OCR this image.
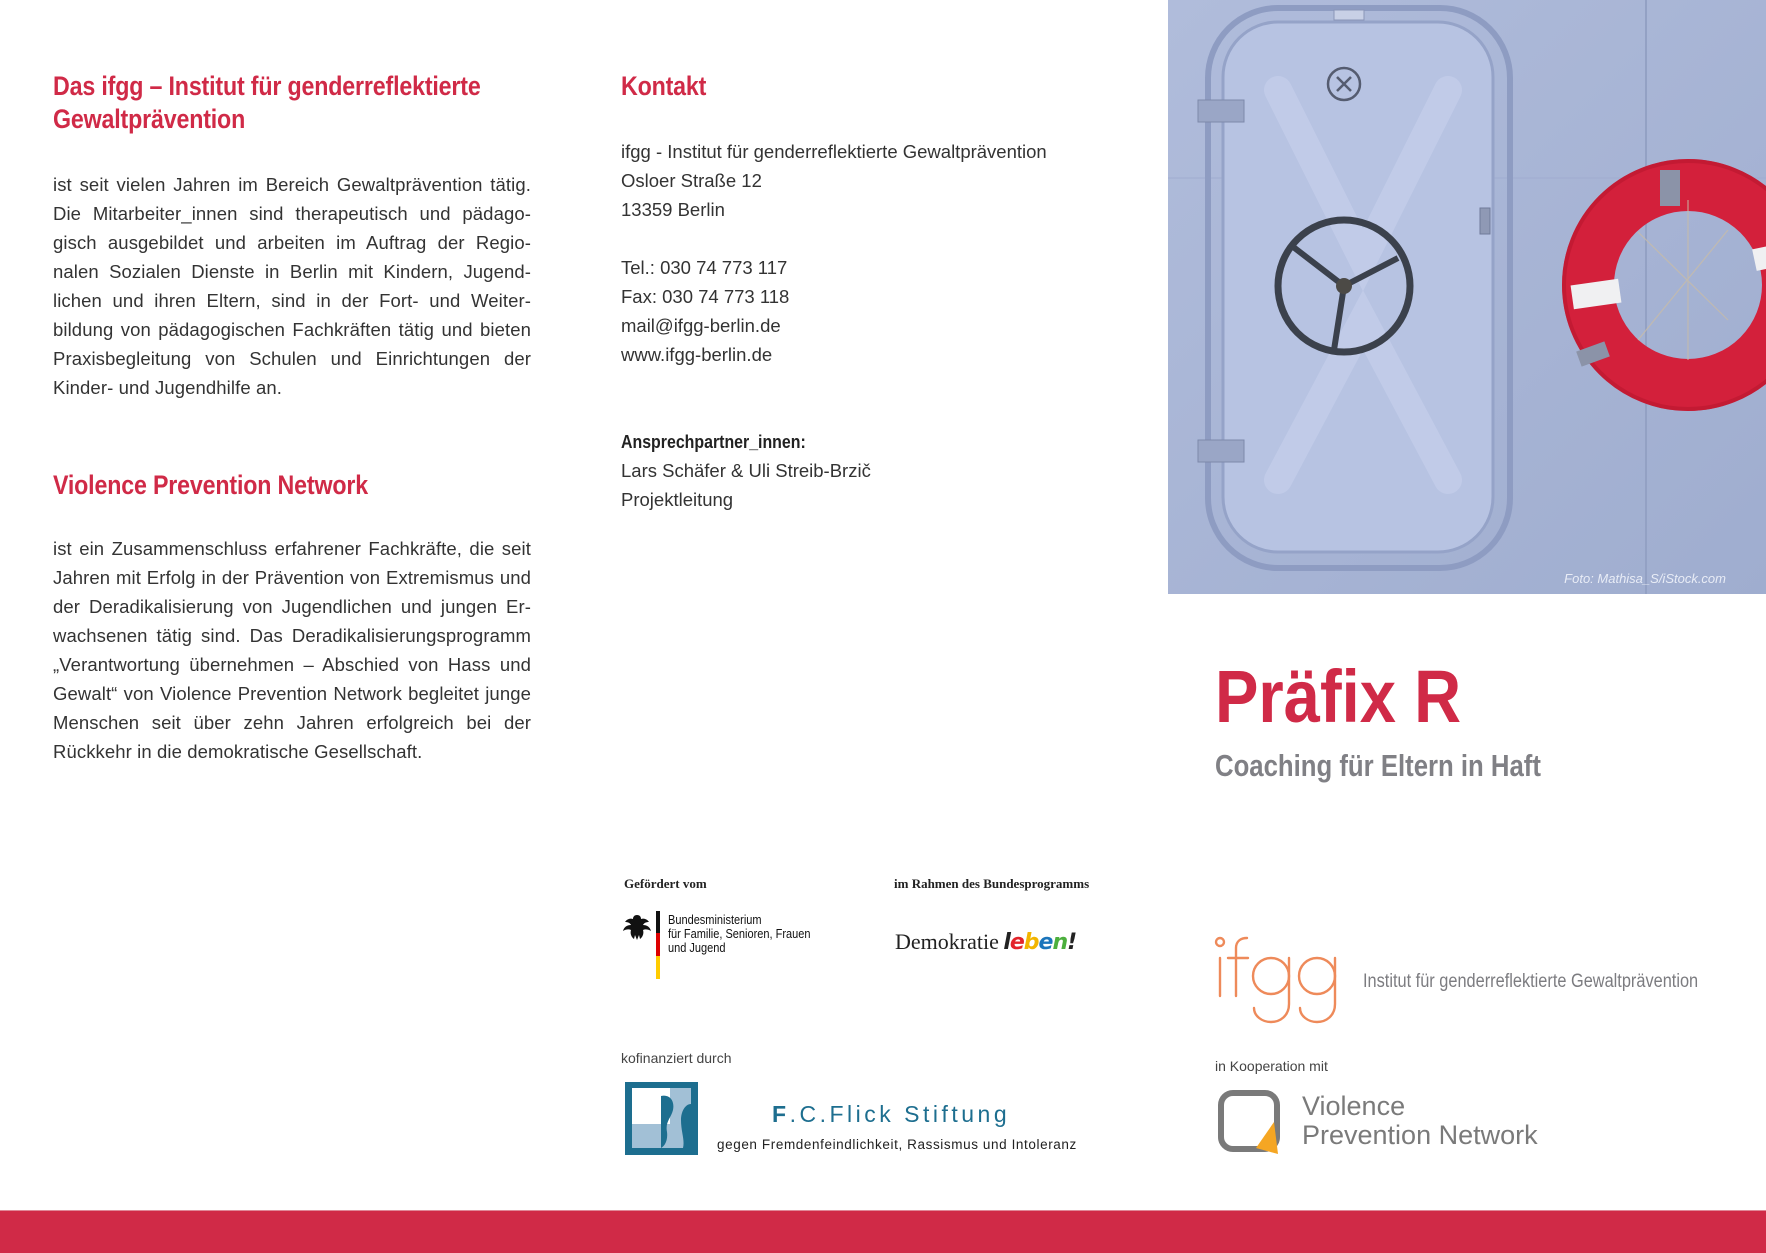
Das ifgg – Institut für genderreflektierte
Gewaltprävention
ist seit vielen Jahren im Bereich Gewaltprävention tätig.
Die Mitarbeiter_innen sind therapeutisch und pädago-
gisch ausgebildet und arbeiten im Auftrag der Regio-
nalen Sozialen Dienste in Berlin mit Kindern, Jugend-
lichen und ihren Eltern, sind in der Fort- und Weiter-
bildung von pädagogischen Fachkräften tätig und bieten
Praxisbegleitung von Schulen und Einrichtungen der
Kinder- und Jugendhilfe an.
Violence Prevention Network
ist ein Zusammenschluss erfahrener Fachkräfte, die seit
Jahren mit Erfolg in der Prävention von Extremismus und
der Deradikalisierung von Jugendlichen und jungen Er-
wachsenen tätig sind. Das Deradikalisierungsprogramm
„Verantwortung übernehmen – Abschied von Hass und
Gewalt“ von Violence Prevention Network begleitet junge
Menschen seit über zehn Jahren erfolgreich bei der
Rückkehr in die demokratische Gesellschaft.
Kontakt
ifgg - Institut für genderreflektierte Gewaltprävention
Osloer Straße 12
13359 Berlin
Tel.: 030 74 773 117
Fax: 030 74 773 118
mail@ifgg-berlin.de
www.ifgg-berlin.de
Ansprechpartner_innen:
Lars Schäfer & Uli Streib-Brzič
Projektleitung
Gefördert vom
Bundesministerium
für Familie, Senioren, Frauen
und Jugend
im Rahmen des Bundesprogramms
Demokratie leben!
kofinanziert durch
F.C.Flick Stiftung
gegen Fremdenfeindlichkeit, Rassismus und Intoleranz
Foto: Mathisa_S/iStock.com
Präfix R
Coaching für Eltern in Haft
Institut für genderreflektierte Gewaltprävention
in Kooperation mit
Violence
Prevention Network
